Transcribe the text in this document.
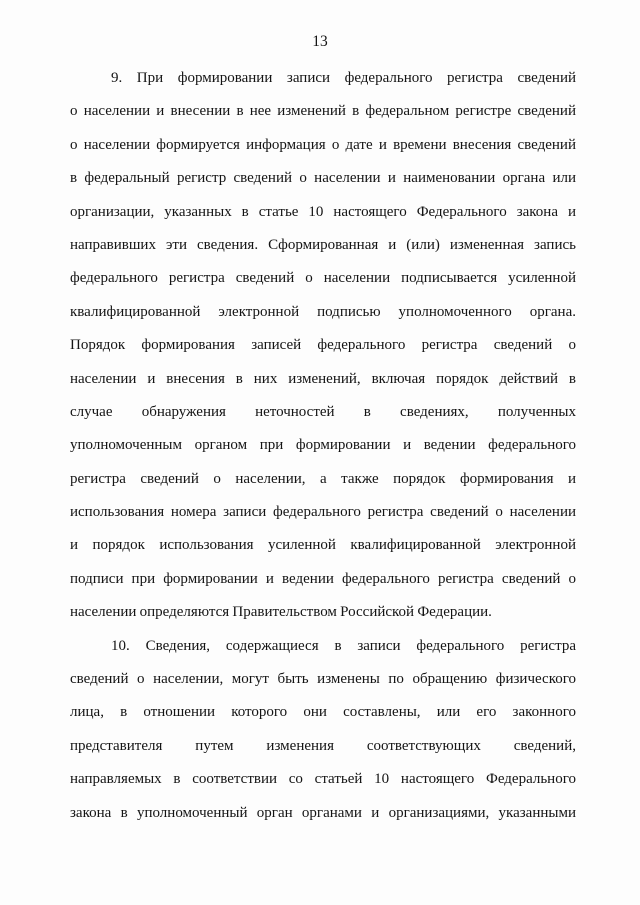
13
9. При формировании записи федерального регистра сведений
о населении и внесении в нее изменений в федеральном регистре сведений
о населении формируется информация о дате и времени внесения сведений
в федеральный регистр сведений о населении и наименовании органа или
организации, указанных в статье 10 настоящего Федерального закона и
направивших эти сведения. Сформированная и (или) измененная запись
федерального регистра сведений о населении подписывается усиленной
квалифицированной электронной подписью уполномоченного органа.
Порядок формирования записей федерального регистра сведений о
населении и внесения в них изменений, включая порядок действий в
случае обнаружения неточностей в сведениях, полученных
уполномоченным органом при формировании и ведении федерального
регистра сведений о населении, а также порядок формирования и
использования номера записи федерального регистра сведений о населении
и порядок использования усиленной квалифицированной электронной
подписи при формировании и ведении федерального регистра сведений о
населении определяются Правительством Российской Федерации.
10. Сведения, содержащиеся в записи федерального регистра
сведений о населении, могут быть изменены по обращению физического
лица, в отношении которого они составлены, или его законного
представителя путем изменения соответствующих сведений,
направляемых в соответствии со статьей 10 настоящего Федерального
закона в уполномоченный орган органами и организациями, указанными
